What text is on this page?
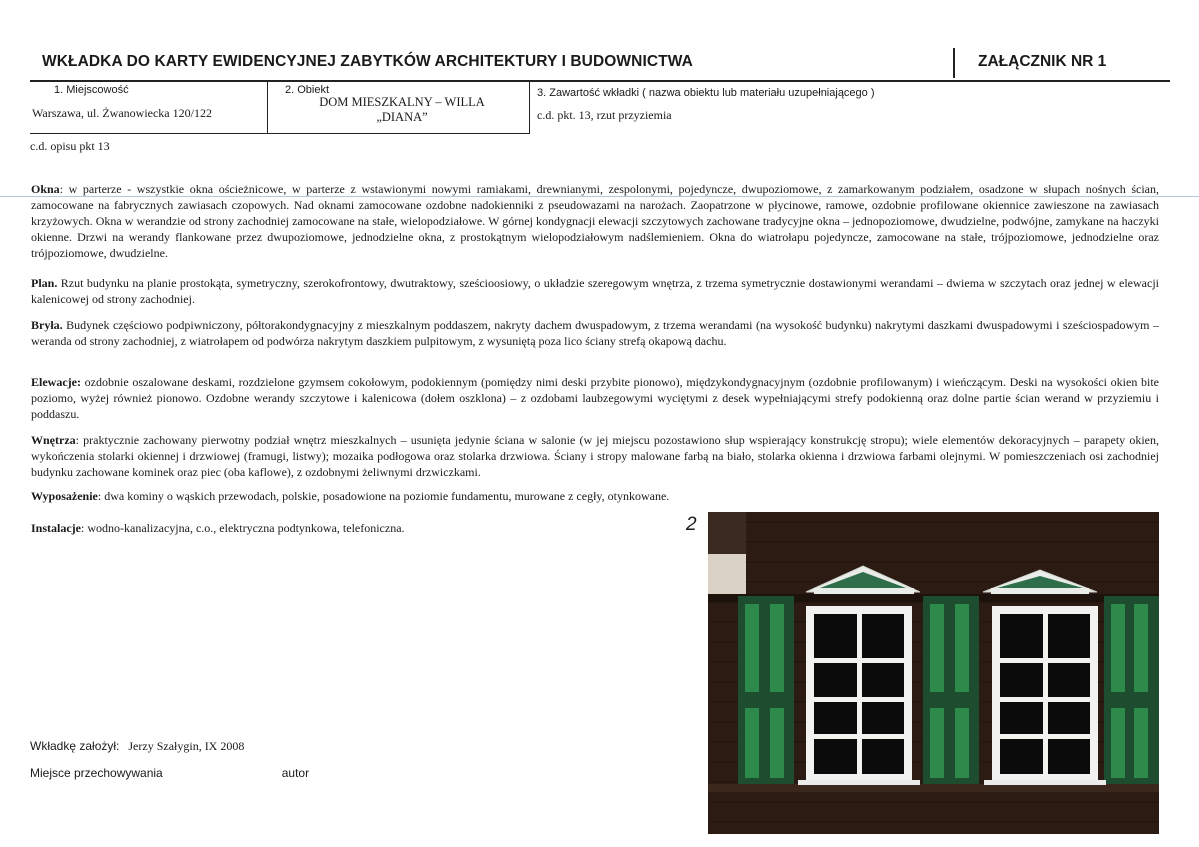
WKŁADKA DO KARTY EWIDENCYJNEJ ZABYTKÓW ARCHITEKTURY I BUDOWNICTWA	ZAŁĄCZNIK NR 1
1. Miejscowość
Warszawa, ul. Żwanowiecka 120/122
2. Obiekt
DOM MIESZKALNY – WILLA
„DIANA”
3. Zawartość wkładki ( nazwa obiektu lub materiału uzupełniającego )
c.d. pkt. 13, rzut przyziemia
c.d. opisu pkt 13
Okna: w parterze - wszystkie okna ościeżnicowe, w parterze z wstawionymi nowymi ramiakami, drewnianymi, zespolonymi, pojedyncze, dwupoziomowe, z zamarkowanym podziałem, osadzone w słupach nośnych ścian, zamocowane na fabrycznych zawiasach czopowych. Nad oknami zamocowane ozdobne nadokienniki z pseudowazami na narożach. Zaopatrzone w płycinowe, ramowe, ozdobnie profilowane okiennice zawieszone na zawiasach krzyżowych. Okna w werandzie od strony zachodniej zamocowane na stałe, wielopodziałowe. W górnej kondygnacji elewacji szczytowych zachowane tradycyjne okna – jednopoziomowe, dwudzielne, podwójne, zamykane na haczyki okienne. Drzwi na werandy flankowane przez dwupoziomowe, jednodzielne okna, z prostokątnym wielopodziałowym nadślemieniem. Okna do wiatrołapu pojedyncze, zamocowane na stałe, trójpoziomowe, jednodzielne oraz trójpoziomowe, dwudzielne.
Plan. Rzut budynku na planie prostokąta, symetryczny, szerokofrontowy, dwutraktowy, sześcioosiowy, o układzie szeregowym wnętrza, z trzema symetrycznie dostawionymi werandami – dwiema w szczytach oraz jednej w elewacji kalenicowej od strony zachodniej.
Bryła. Budynek częściowo podpiwniczony, półtorakondygnacyjny z mieszkalnym poddaszem, nakryty dachem dwuspadowym, z trzema werandami (na wysokość budynku) nakrytymi daszkami dwuspadowymi i sześciospadowym – weranda od strony zachodniej, z wiatrołapem od podwórza nakrytym daszkiem pulpitowym, z wysuniętą poza lico ściany strefą okapową dachu.
Elewacje: ozdobnie oszalowane deskami, rozdzielone gzymsem cokołowym, podokiennym (pomiędzy nimi deski przybite pionowo), międzykondygnacyjnym (ozdobnie profilowanym) i wieńczącym. Deski na wysokości okien bite poziomo, wyżej również pionowo. Ozdobne werandy szczytowe i kalenicowa (dołem oszklona) – z ozdobami laubzegowymi wyciętymi z desek wypełniającymi strefy podokienną oraz dolne partie ścian werand w przyziemiu i poddaszu.
Wnętrza: praktycznie zachowany pierwotny podział wnętrz mieszkalnych – usunięta jedynie ściana w salonie (w jej miejscu pozostawiono słup wspierający konstrukcję stropu); wiele elementów dekoracyjnych – parapety okien, wykończenia stolarki okiennej i drzwiowej (framugi, listwy); mozaika podłogowa oraz stolarka drzwiowa. Ściany i stropy malowane farbą na biało, stolarka okienna i drzwiowa farbami olejnymi. W pomieszczeniach osi zachodniej budynku zachowane kominek oraz piec (oba kaflowe), z ozdobnymi żeliwnymi drzwiczkami.
Wyposażenie: dwa kominy o wąskich przewodach, polskie, posadowione na poziomie fundamentu, murowane z cegły, otynkowane.
Instalacje: wodno-kanalizacyjna, c.o., elektryczna podtynkowa, telefoniczna.	2
Wkładkę założył: Jerzy Szałygin, IX 2008
Miejsce przechowywania	autor
